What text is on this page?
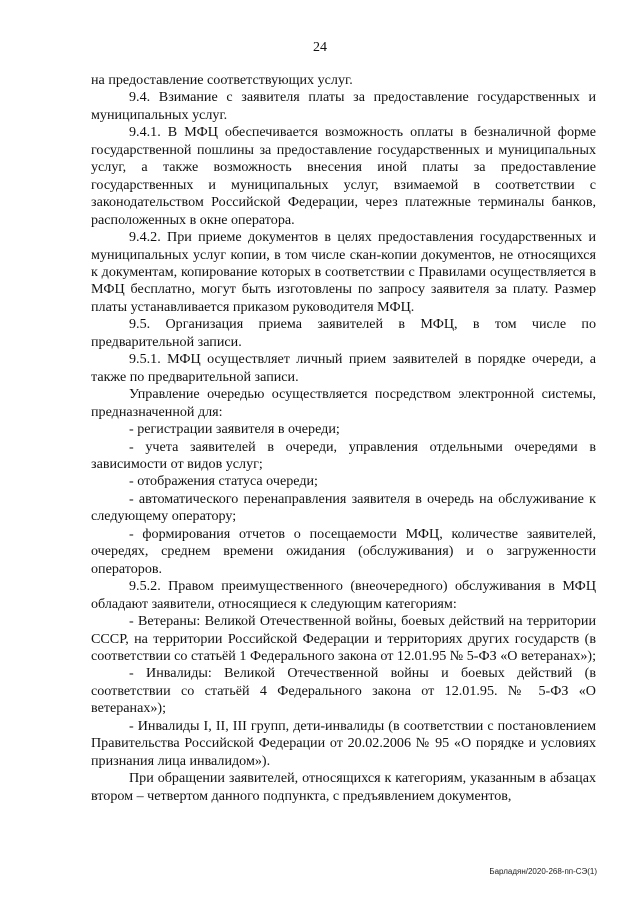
24

на предоставление соответствующих услуг.

9.4. Взимание с заявителя платы за предоставление государственных и муниципальных услуг.

9.4.1. В МФЦ обеспечивается возможность оплаты в безналичной форме государственной пошлины за предоставление государственных и муниципальных услуг, а также возможность внесения иной платы за предоставление государственных и муниципальных услуг, взимаемой в соответствии с законодательством Российской Федерации, через платежные терминалы банков, расположенных в окне оператора.

9.4.2. При приеме документов в целях предоставления государственных и муниципальных услуг копии, в том числе скан-копии документов, не относящихся к документам, копирование которых в соответствии с Правилами осуществляется в МФЦ бесплатно, могут быть изготовлены по запросу заявителя за плату. Размер платы устанавливается приказом руководителя МФЦ.

9.5. Организация приема заявителей в МФЦ, в том числе по предварительной записи.

9.5.1. МФЦ осуществляет личный прием заявителей в порядке очереди, а также по предварительной записи.

Управление очередью осуществляется посредством электронной системы, предназначенной для:

- регистрации заявителя в очереди;

- учета заявителей в очереди, управления отдельными очередями в зависимости от видов услуг;

- отображения статуса очереди;

- автоматического перенаправления заявителя в очередь на обслуживание к следующему оператору;

- формирования отчетов о посещаемости МФЦ, количестве заявителей, очередях, среднем времени ожидания (обслуживания) и о загруженности операторов.

9.5.2. Правом преимущественного (внеочередного) обслуживания в МФЦ обладают заявители, относящиеся к следующим категориям:

- Ветераны: Великой Отечественной войны, боевых действий на территории СССР, на территории Российской Федерации и территориях других государств (в соответствии со статьёй 1 Федерального закона от 12.01.95 № 5-ФЗ «О ветеранах»);

- Инвалиды: Великой Отечественной войны и боевых действий (в соответствии со статьёй 4 Федерального закона от 12.01.95. № 5-ФЗ «О ветеранах»);

- Инвалиды I, II, III групп, дети-инвалиды (в соответствии с постановлением Правительства Российской Федерации от 20.02.2006 № 95 «О порядке и условиях признания лица инвалидом»).

При обращении заявителей, относящихся к категориям, указанным в абзацах втором – четвертом данного подпункта, с предъявлением документов,

Барладян/2020-268-пп-СЭ(1)
